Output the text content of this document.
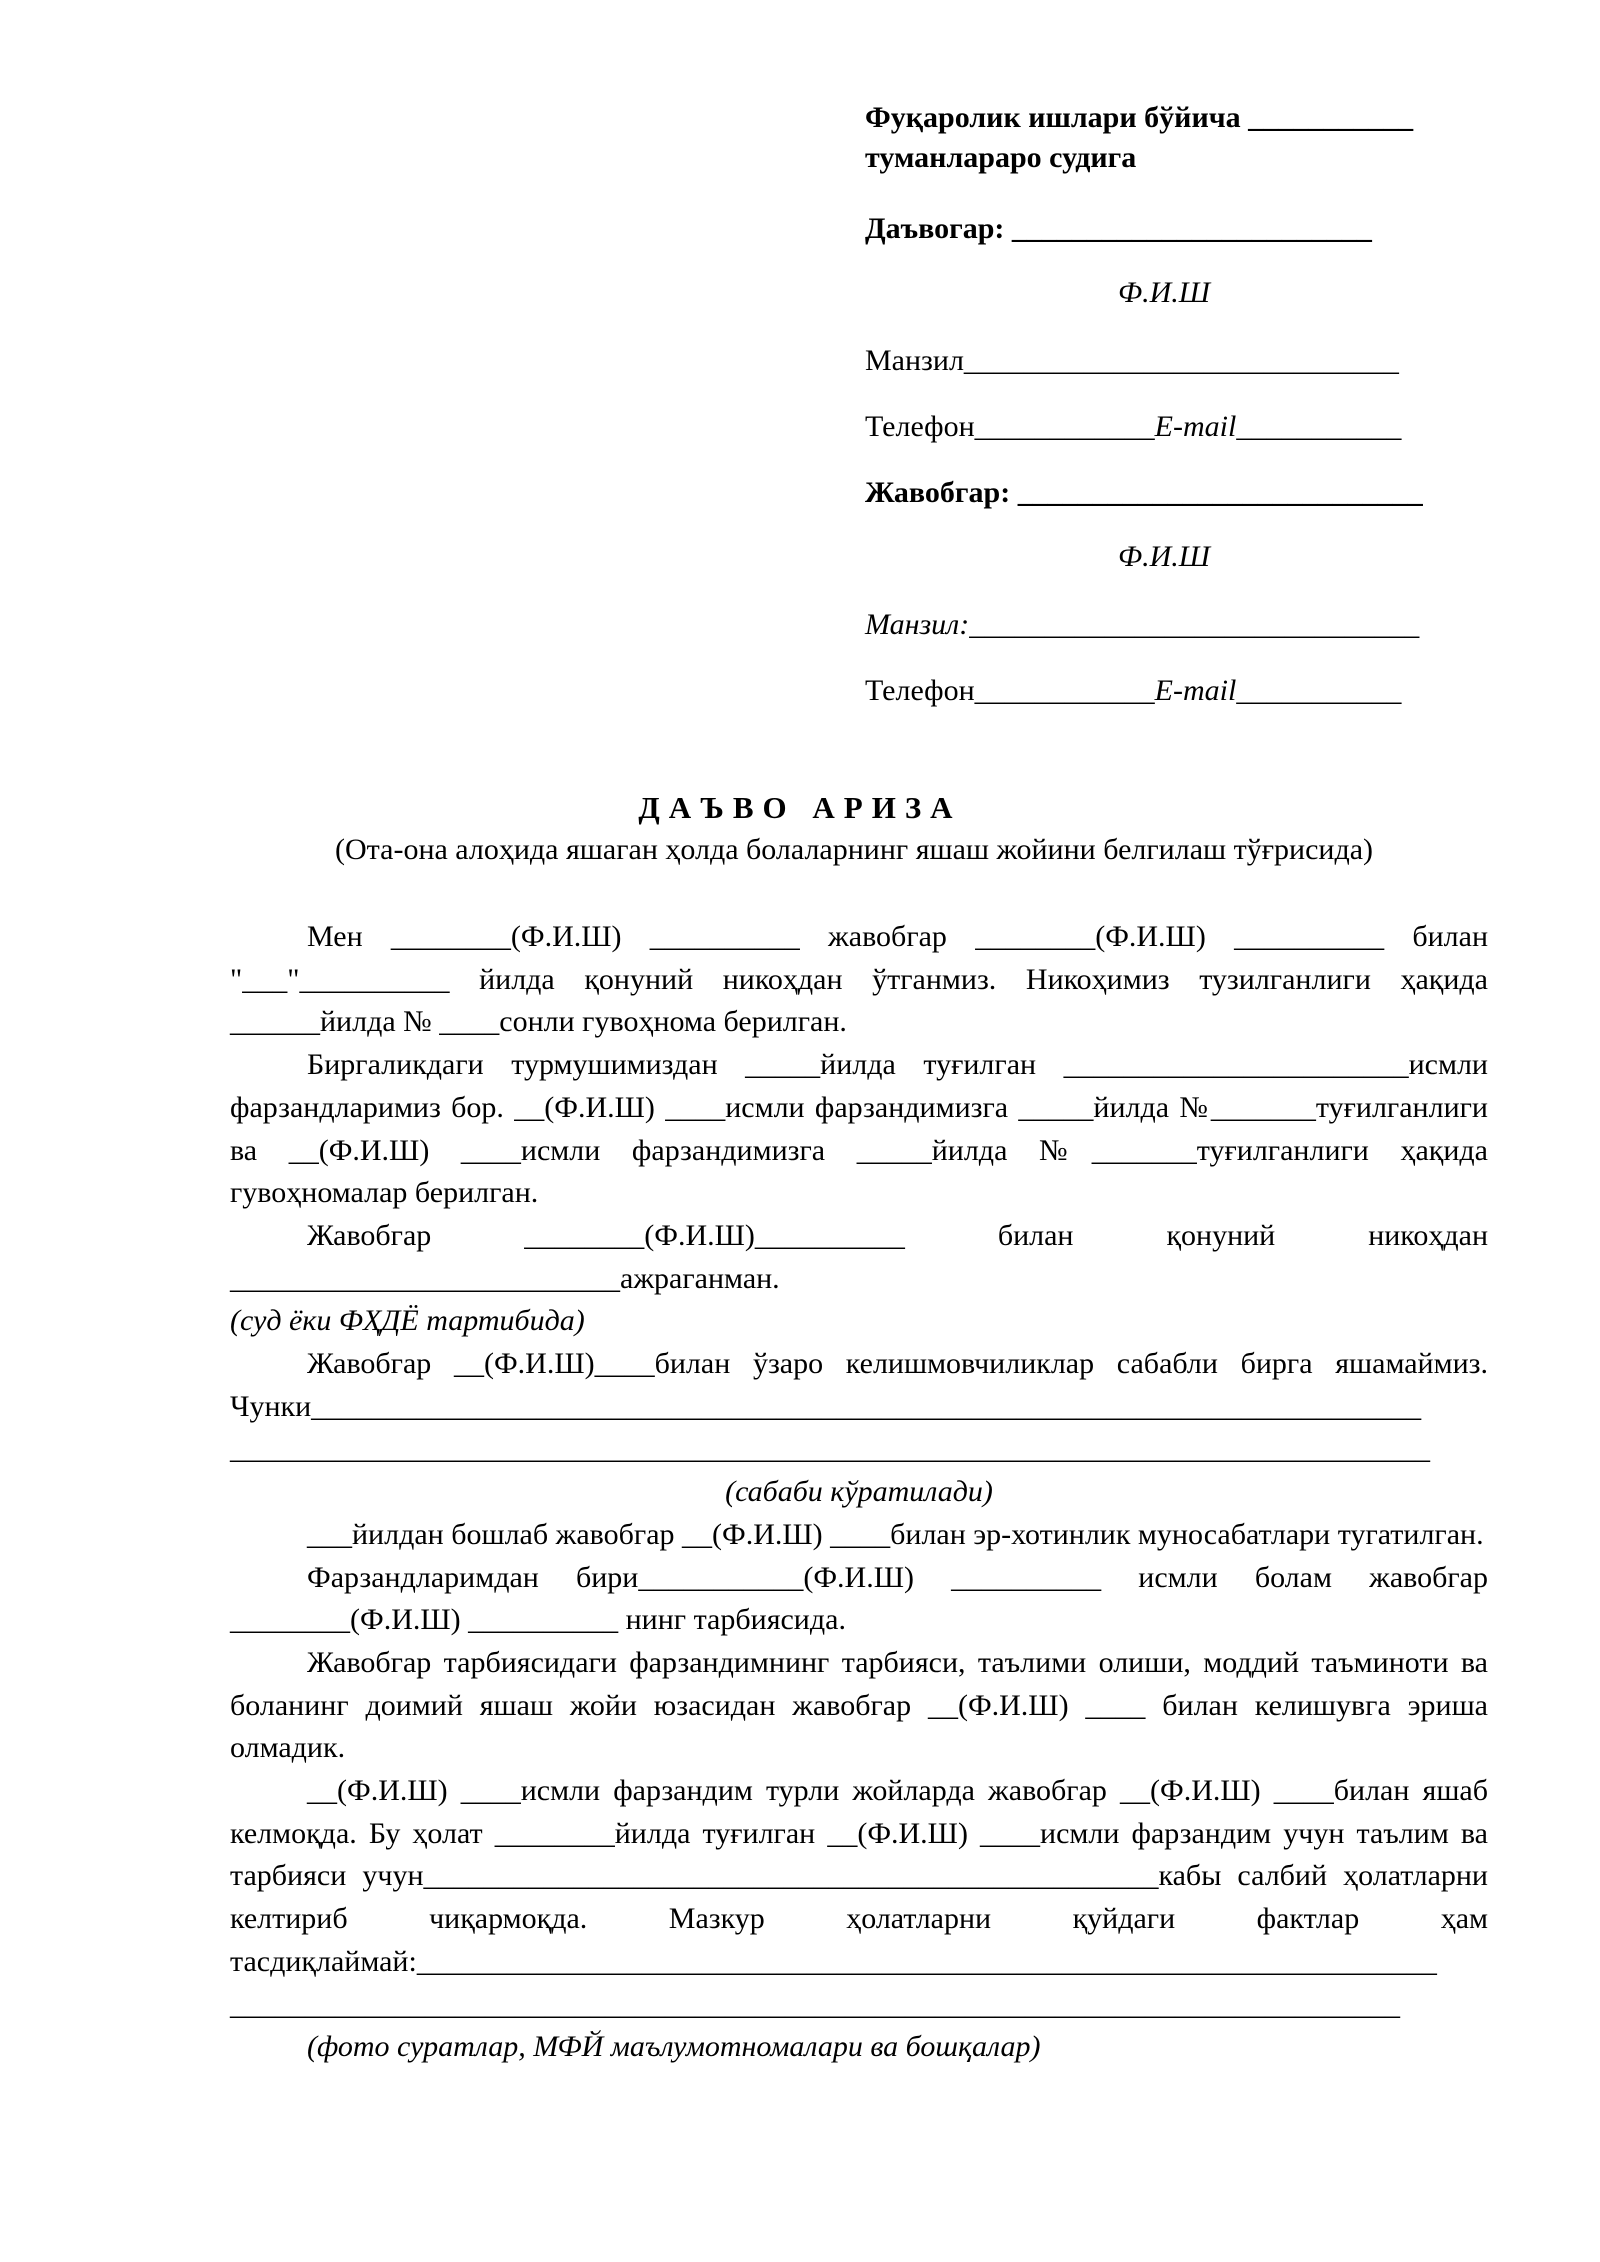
Фуқаролик ишлари бўйича ___________
туманлараро судига
Даъвогар: ________________________
Ф.И.Ш
Манзил_____________________________
Телефон____________E-mail___________
Жавобгар: ___________________________
Ф.И.Ш
Манзил:______________________________
Телефон____________E-mail___________
ДАЪВО АРИЗА
(Ота-она алоҳида яшаган ҳолда болаларнинг яшаш жойини белгилаш тўғрисида)

Мен ________(Ф.И.Ш) __________ жавобгар ________(Ф.И.Ш) __________ билан "___"__________ йилда қонуний никоҳдан ўтганмиз. Никоҳимиз тузилганлиги ҳақида ______йилда № ____сонли гувоҳнома берилган.

Биргаликдаги турмушимиздан _____йилда туғилган _______________________исмли фарзандларимиз бор. __(Ф.И.Ш) ____исмли фарзандимизга _____йилда №_______туғилганлиги ва __(Ф.И.Ш) ____исмли фарзандимизга _____йилда №_______туғилганлиги ҳақида гувоҳномалар берилган.

Жавобгар ________(Ф.И.Ш)__________ билан қонуний никоҳдан __________________________ажраганман.

(суд ёки ФҲДЁ тартибида)

Жавобгар __(Ф.И.Ш)____билан ўзаро келишмовчиликлар сабабли бирга яшамаймиз. Чунки__________________________________________________________________________

________________________________________________________________________________

(сабаби кўратилади)

___йилдан бошлаб жавобгар __(Ф.И.Ш) ____билан эр-хотинлик муносабатлари тугатилган.

Фарзандларимдан бири___________(Ф.И.Ш) __________ исмли болам жавобгар ________(Ф.И.Ш) __________ нинг тарбиясида.

Жавобгар тарбиясидаги фарзандимнинг тарбияси, таълими олиши, моддий таъминоти ва боланинг доимий яшаш жойи юзасидан жавобгар __(Ф.И.Ш) ____ билан келишувга эриша олмадик.

__(Ф.И.Ш) ____исмли фарзандим турли жойларда жавобгар __(Ф.И.Ш) ____билан яшаб келмоқда. Бу ҳолат ________йилда туғилган __(Ф.И.Ш) ____исмли фарзандим учун таълим ва тарбияси учун_________________________________________________кабы салбий ҳолатларни келтириб чиқармоқда. Мазкур ҳолатларни қуйдаги фактлар ҳам тасдиқлаймай:____________________________________________________________________

______________________________________________________________________________

(фото суратлар, МФЙ маълумотномалари ва бошқалар)
